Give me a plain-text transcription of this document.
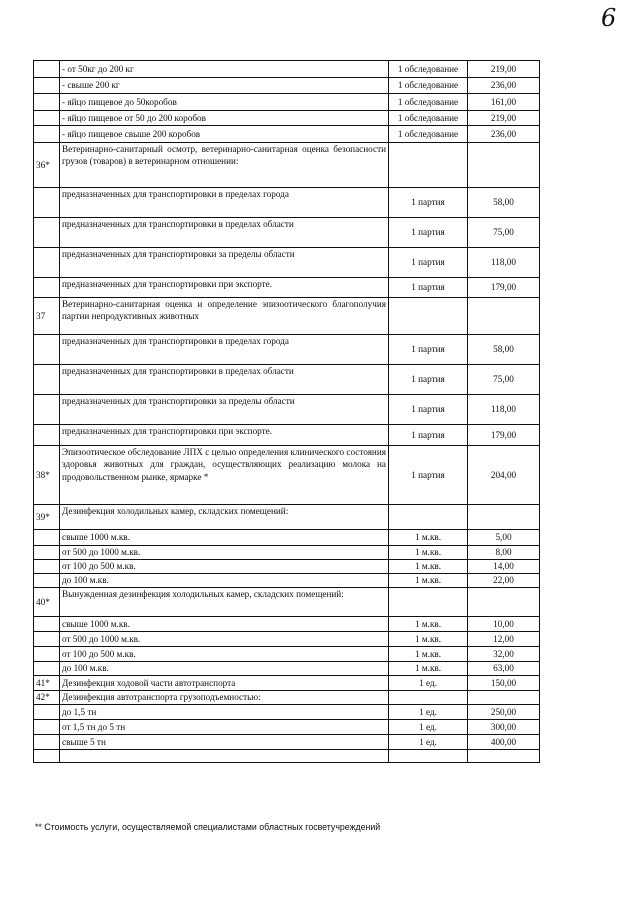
6
	- от 50кг до 200 кг	1 обследование	219,00
	- свыше 200 кг	1 обследование	236,00
	- яйцо пищевое до 50коробов	1 обследование	161,00
	- яйцо пищевое от 50 до 200 коробов	1 обследование	219,00
	- яйцо пищевое свыше 200 коробов	1 обследование	236,00
36*	Ветеринарно-санитарный осмотр, ветеринарно-санитарная оценка безопасности грузов (товаров) в ветеринарном отношении:		
	предназначенных для транспортировки в пределах города	1 партия	58,00
	предназначенных для транспортировки в пределах области	1 партия	75,00
	предназначенных для транспортировки за пределы области	1 партия	118,00
	предназначенных для транспортировки при экспорте.	1 партия	179,00
37	Ветеринарно-санитарная оценка и определение эпизоотического благополучия партии непродуктивных животных		
	предназначенных для транспортировки в пределах города	1 партия	58,00
	предназначенных для транспортировки в пределах области	1 партия	75,00
	предназначенных для транспортировки за пределы области	1 партия	118,00
	предназначенных для транспортировки при экспорте.	1 партия	179,00
38*	Эпизоотическое обследование ЛПХ с целью определения клинического состояния здоровья животных для граждан, осуществляющих реализацию молока на продовольственном рынке, ярмарке *	1 партия	204,00
39*	Дезинфекция холодильных камер, складских помещений:		
	свыше 1000 м.кв.	1 м.кв.	5,00
	от 500 до 1000 м.кв.	1 м.кв.	8,00
	от 100 до 500 м.кв.	1 м.кв.	14,00
	до 100 м.кв.	1 м.кв.	22,00
40*	Вынужденная дезинфекция холодильных камер, складских помещений:		
	свыше 1000 м.кв.	1 м.кв.	10,00
	от 500 до 1000 м.кв.	1 м.кв.	12,00
	от 100 до 500 м.кв.	1 м.кв.	32,00
	до 100 м.кв.	1 м.кв.	63,00
41*	Дезинфекция ходовой части автотранспорта	1 ед.	150,00
42*	Дезинфекция автотранспорта грузоподъемностью:		
	до 1,5 тн	1 ед.	250,00
	от 1,5 тн до 5 тн	1 ед.	300,00
	свыше 5 тн	1 ед.	400,00

** Стоимость услуги, осуществляемой специалистами областных госветучреждений
